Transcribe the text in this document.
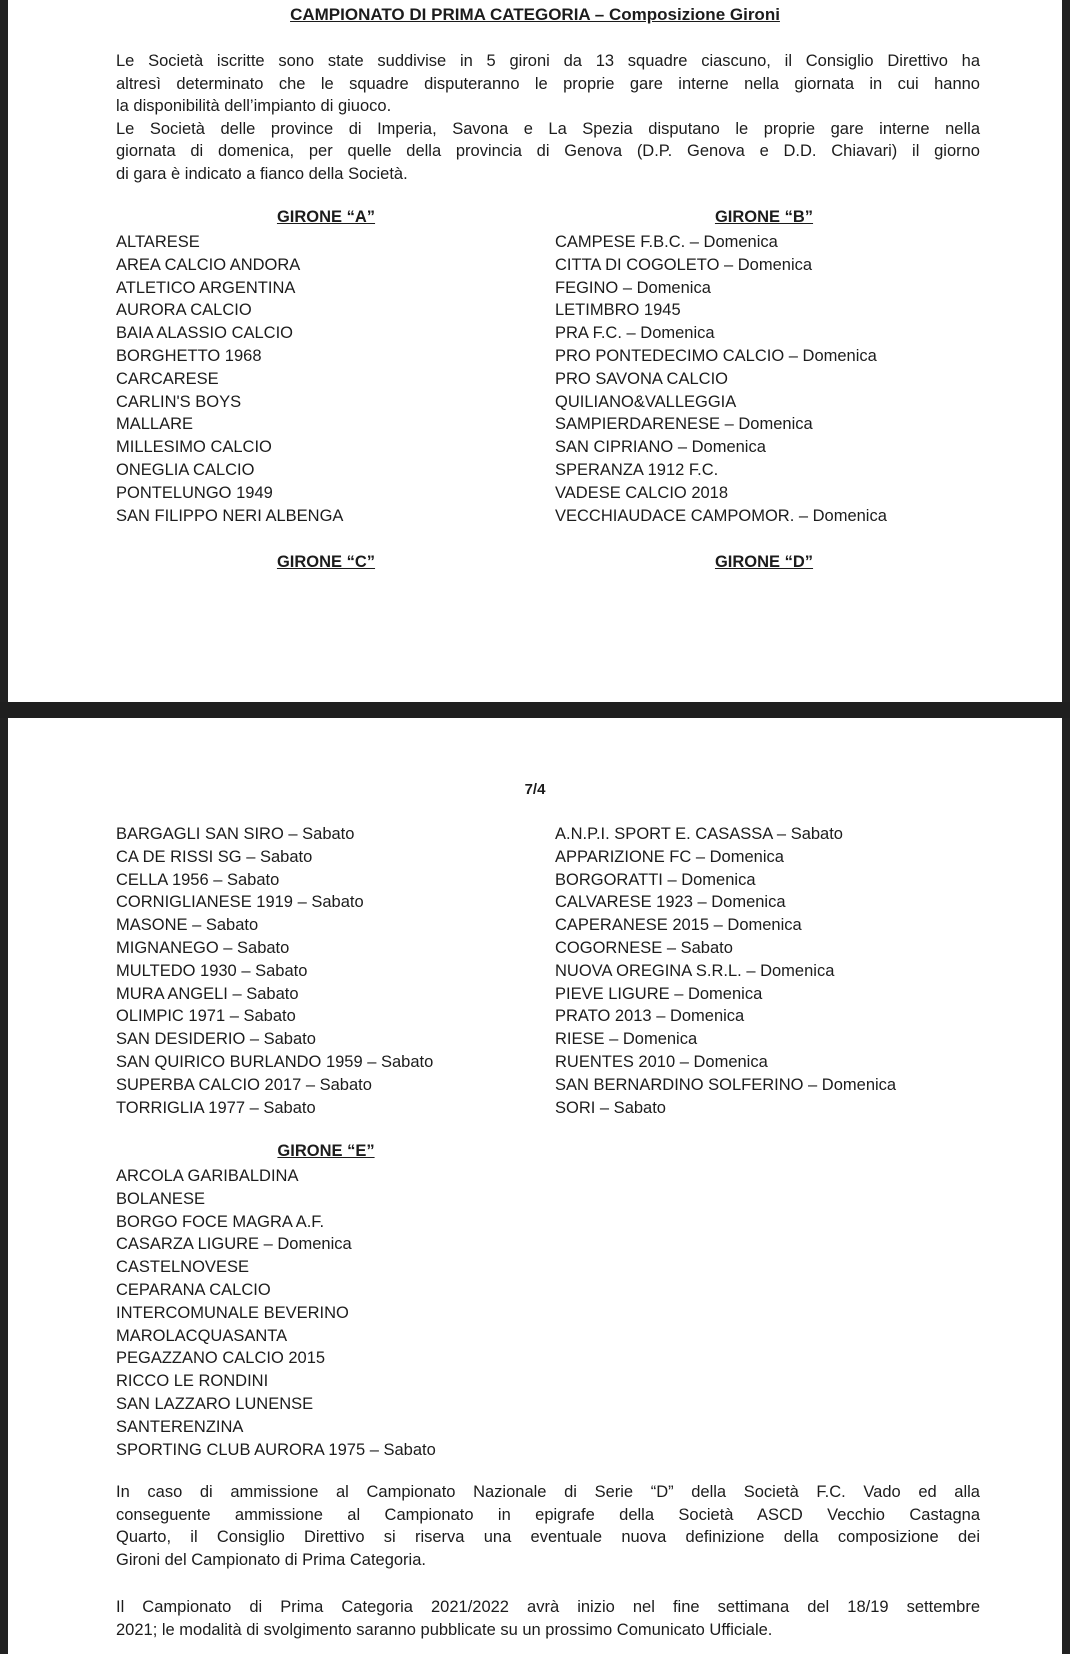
CAMPIONATO DI PRIMA CATEGORIA – Composizione Gironi
Le Società iscritte sono state suddivise in 5 gironi da 13 squadre ciascuno, il Consiglio Direttivo ha
altresì determinato che le squadre disputeranno le proprie gare interne nella giornata in cui hanno
la disponibilità dell’impianto di giuoco.
Le Società delle province di Imperia, Savona e La Spezia disputano le proprie gare interne nella
giornata di domenica, per quelle della provincia di Genova (D.P. Genova e D.D. Chiavari) il giorno
di gara è indicato a fianco della Società.
GIRONE “A”	GIRONE “B”
ALTARESE
AREA CALCIO ANDORA
ATLETICO ARGENTINA
AURORA CALCIO
BAIA ALASSIO CALCIO
BORGHETTO 1968
CARCARESE
CARLIN'S BOYS
MALLARE
MILLESIMO CALCIO
ONEGLIA CALCIO
PONTELUNGO 1949
SAN FILIPPO NERI ALBENGA
CAMPESE F.B.C. – Domenica
CITTA DI COGOLETO – Domenica
FEGINO – Domenica
LETIMBRO 1945
PRA F.C. – Domenica
PRO PONTEDECIMO CALCIO – Domenica
PRO SAVONA CALCIO
QUILIANO&VALLEGGIA
SAMPIERDARENESE – Domenica
SAN CIPRIANO – Domenica
SPERANZA 1912 F.C.
VADESE CALCIO 2018
VECCHIAUDACE CAMPOMOR. – Domenica
GIRONE “C”	GIRONE “D”
7/4
BARGAGLI SAN SIRO – Sabato
CA DE RISSI SG – Sabato
CELLA 1956 – Sabato
CORNIGLIANESE 1919 – Sabato
MASONE – Sabato
MIGNANEGO – Sabato
MULTEDO 1930 – Sabato
MURA ANGELI – Sabato
OLIMPIC 1971 – Sabato
SAN DESIDERIO – Sabato
SAN QUIRICO BURLANDO 1959 – Sabato
SUPERBA CALCIO 2017 – Sabato
TORRIGLIA 1977 – Sabato
A.N.P.I. SPORT E. CASASSA – Sabato
APPARIZIONE FC – Domenica
BORGORATTI – Domenica
CALVARESE 1923 – Domenica
CAPERANESE 2015 – Domenica
COGORNESE – Sabato
NUOVA OREGINA S.R.L. – Domenica
PIEVE LIGURE – Domenica
PRATO 2013 – Domenica
RIESE – Domenica
RUENTES 2010 – Domenica
SAN BERNARDINO SOLFERINO – Domenica
SORI – Sabato
GIRONE “E”
ARCOLA GARIBALDINA
BOLANESE
BORGO FOCE MAGRA A.F.
CASARZA LIGURE – Domenica
CASTELNOVESE
CEPARANA CALCIO
INTERCOMUNALE BEVERINO
MAROLACQUASANTA
PEGAZZANO CALCIO 2015
RICCO LE RONDINI
SAN LAZZARO LUNENSE
SANTERENZINA
SPORTING CLUB AURORA 1975 – Sabato
In caso di ammissione al Campionato Nazionale di Serie “D” della Società F.C. Vado ed alla
conseguente ammissione al Campionato in epigrafe della Società ASCD Vecchio Castagna
Quarto, il Consiglio Direttivo si riserva una eventuale nuova definizione della composizione dei
Gironi del Campionato di Prima Categoria.
Il Campionato di Prima Categoria 2021/2022 avrà inizio nel fine settimana del 18/19 settembre
2021; le modalità di svolgimento saranno pubblicate su un prossimo Comunicato Ufficiale.
